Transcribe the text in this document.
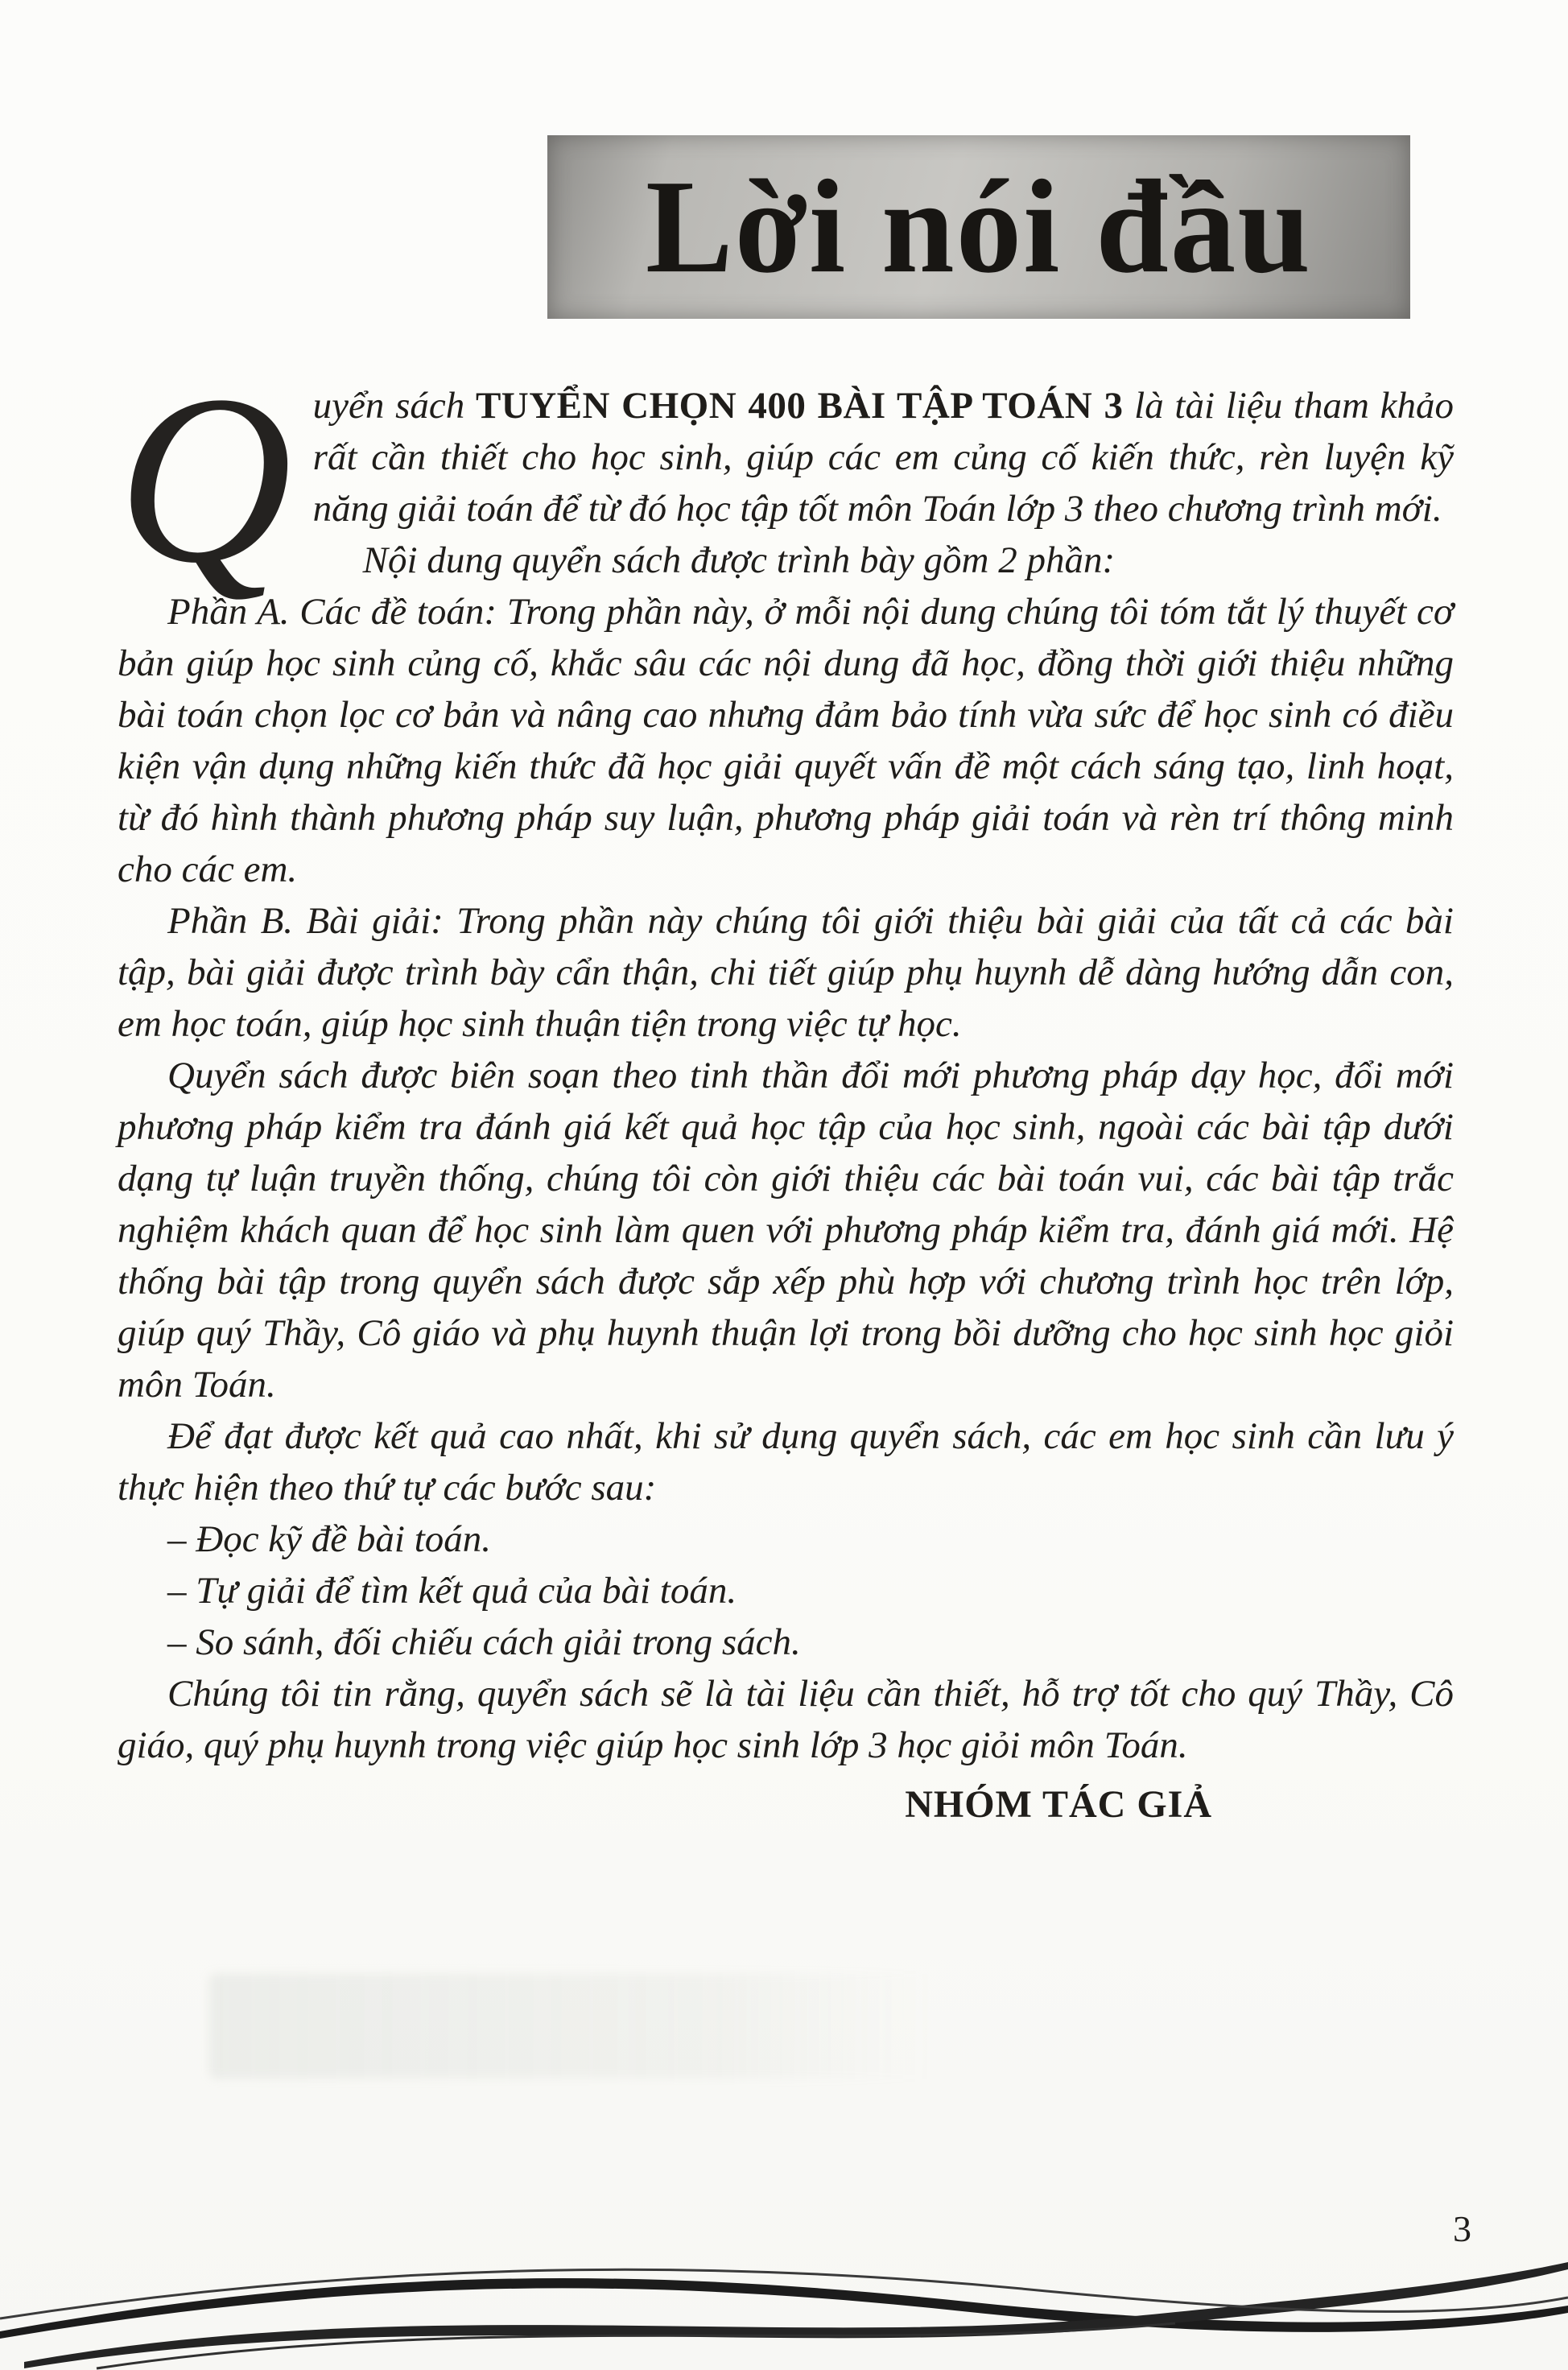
Lời nói đầu

Quyển sách TUYỂN CHỌN 400 BÀI TẬP TOÁN 3 là tài liệu tham khảo rất cần thiết cho học sinh, giúp các em củng cố kiến thức, rèn luyện kỹ năng giải toán để từ đó học tập tốt môn Toán lớp 3 theo chương trình mới.

Nội dung quyển sách được trình bày gồm 2 phần:

Phần A. Các đề toán: Trong phần này, ở mỗi nội dung chúng tôi tóm tắt lý thuyết cơ bản giúp học sinh củng cố, khắc sâu các nội dung đã học, đồng thời giới thiệu những bài toán chọn lọc cơ bản và nâng cao nhưng đảm bảo tính vừa sức để học sinh có điều kiện vận dụng những kiến thức đã học giải quyết vấn đề một cách sáng tạo, linh hoạt, từ đó hình thành phương pháp suy luận, phương pháp giải toán và rèn trí thông minh cho các em.

Phần B. Bài giải: Trong phần này chúng tôi giới thiệu bài giải của tất cả các bài tập, bài giải được trình bày cẩn thận, chi tiết giúp phụ huynh dễ dàng hướng dẫn con, em học toán, giúp học sinh thuận tiện trong việc tự học.

Quyển sách được biên soạn theo tinh thần đổi mới phương pháp dạy học, đổi mới phương pháp kiểm tra đánh giá kết quả học tập của học sinh, ngoài các bài tập dưới dạng tự luận truyền thống, chúng tôi còn giới thiệu các bài toán vui, các bài tập trắc nghiệm khách quan để học sinh làm quen với phương pháp kiểm tra, đánh giá mới. Hệ thống bài tập trong quyển sách được sắp xếp phù hợp với chương trình học trên lớp, giúp quý Thầy, Cô giáo và phụ huynh thuận lợi trong bồi dưỡng cho học sinh học giỏi môn Toán.

Để đạt được kết quả cao nhất, khi sử dụng quyển sách, các em học sinh cần lưu ý thực hiện theo thứ tự các bước sau:

– Đọc kỹ đề bài toán.
– Tự giải để tìm kết quả của bài toán.
– So sánh, đối chiếu cách giải trong sách.

Chúng tôi tin rằng, quyển sách sẽ là tài liệu cần thiết, hỗ trợ tốt cho quý Thầy, Cô giáo, quý phụ huynh trong việc giúp học sinh lớp 3 học giỏi môn Toán.

NHÓM TÁC GIẢ
3
